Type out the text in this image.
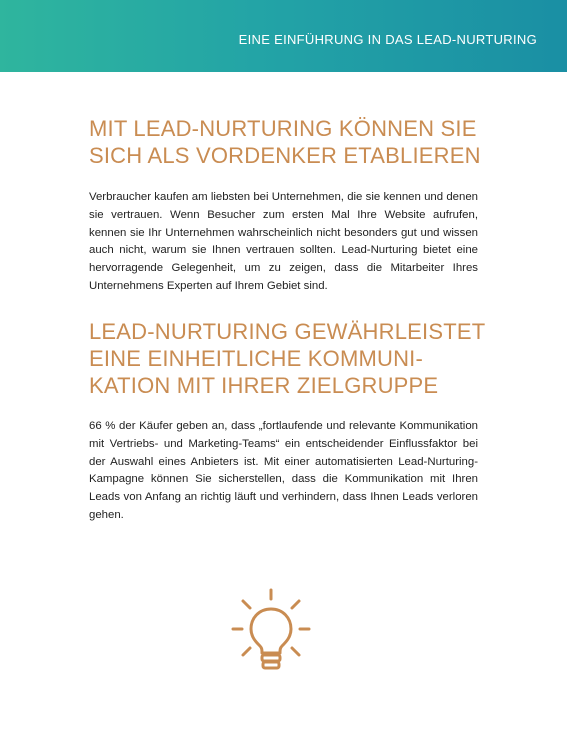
EINE EINFÜHRUNG IN DAS LEAD-NURTURING
MIT LEAD-NURTURING KÖNNEN SIE
SICH ALS VORDENKER ETABLIEREN

Verbraucher kaufen am liebsten bei Unternehmen, die sie kennen und denen sie vertrauen. Wenn Besucher zum ersten Mal Ihre Website aufrufen, kennen sie Ihr Unternehmen wahrscheinlich nicht besonders gut und wissen auch nicht, warum sie Ihnen vertrauen sollten. Lead-Nurturing bietet eine hervorragende Gelegenheit, um zu zeigen, dass die Mitarbeiter Ihres Unternehmens Experten auf Ihrem Gebiet sind.

LEAD-NURTURING GEWÄHRLEISTET
EINE EINHEITLICHE KOMMUNI-
KATION MIT IHRER ZIELGRUPPE

66 % der Käufer geben an, dass „fortlaufende und relevante Kommunikation mit Vertriebs- und Marketing-Teams“ ein entscheidender Einflussfaktor bei der Auswahl eines Anbieters ist. Mit einer automatisierten Lead-Nurturing-Kampagne können Sie sicherstellen, dass die Kommunikation mit Ihren Leads von Anfang an richtig läuft und verhindern, dass Ihnen Leads verloren gehen.
